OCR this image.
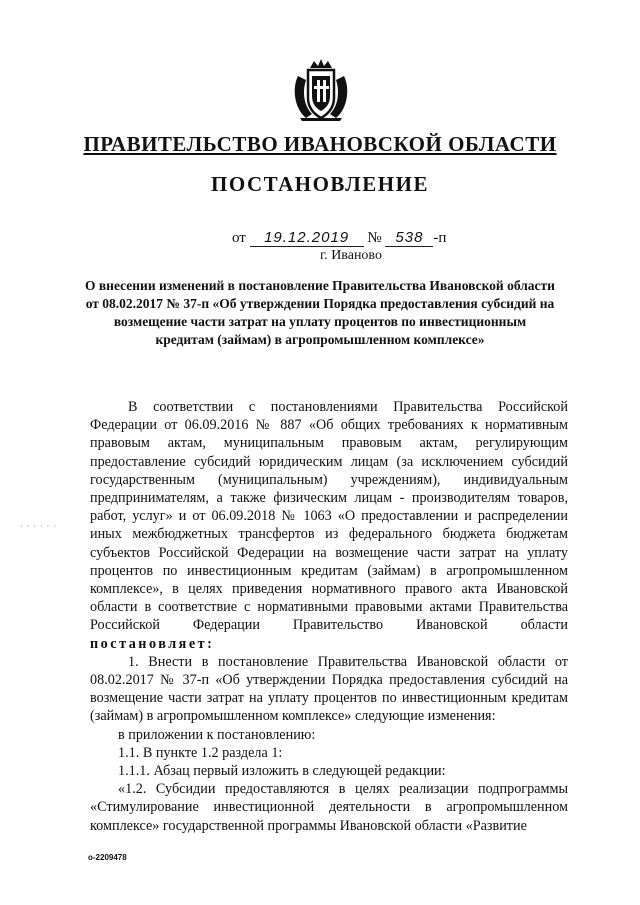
ПРАВИТЕЛЬСТВО ИВАНОВСКОЙ ОБЛАСТИ
ПОСТАНОВЛЕНИЕ
от 19.12.2019 № 538 -п
г. Иваново
О внесении изменений в постановление Правительства Ивановской области от 08.02.2017 № 37-п «Об утверждении Порядка предоставления субсидий на возмещение части затрат на уплату процентов по инвестиционным кредитам (займам) в агропромышленном комплексе»

В соответствии с постановлениями Правительства Российской Федерации от 06.09.2016 № 887 «Об общих требованиях к нормативным правовым актам, муниципальным правовым актам, регулирующим предоставление субсидий юридическим лицам (за исключением субсидий государственным (муниципальным) учреждениям), индивидуальным предпринимателям, а также физическим лицам - производителям товаров, работ, услуг» и от 06.09.2018 № 1063 «О предоставлении и распределении иных межбюджетных трансфертов из федерального бюджета бюджетам субъектов Российской Федерации на возмещение части затрат на уплату процентов по инвестиционным кредитам (займам) в агропромышленном комплексе», в целях приведения нормативного правого акта Ивановской области в соответствие с нормативными правовыми актами Правительства Российской Федерации Правительство Ивановской области постановляет:

1. Внести в постановление Правительства Ивановской области от 08.02.2017 № 37-п «Об утверждении Порядка предоставления субсидий на возмещение части затрат на уплату процентов по инвестиционным кредитам (займам) в агропромышленном комплексе» следующие изменения:

в приложении к постановлению:

1.1. В пункте 1.2 раздела 1:

1.1.1. Абзац первый изложить в следующей редакции:

«1.2. Субсидии предоставляются в целях реализации подпрограммы «Стимулирование инвестиционной деятельности в агропромышленном комплексе» государственной программы Ивановской области «Развитие

· · · · · ·
о-2209478
